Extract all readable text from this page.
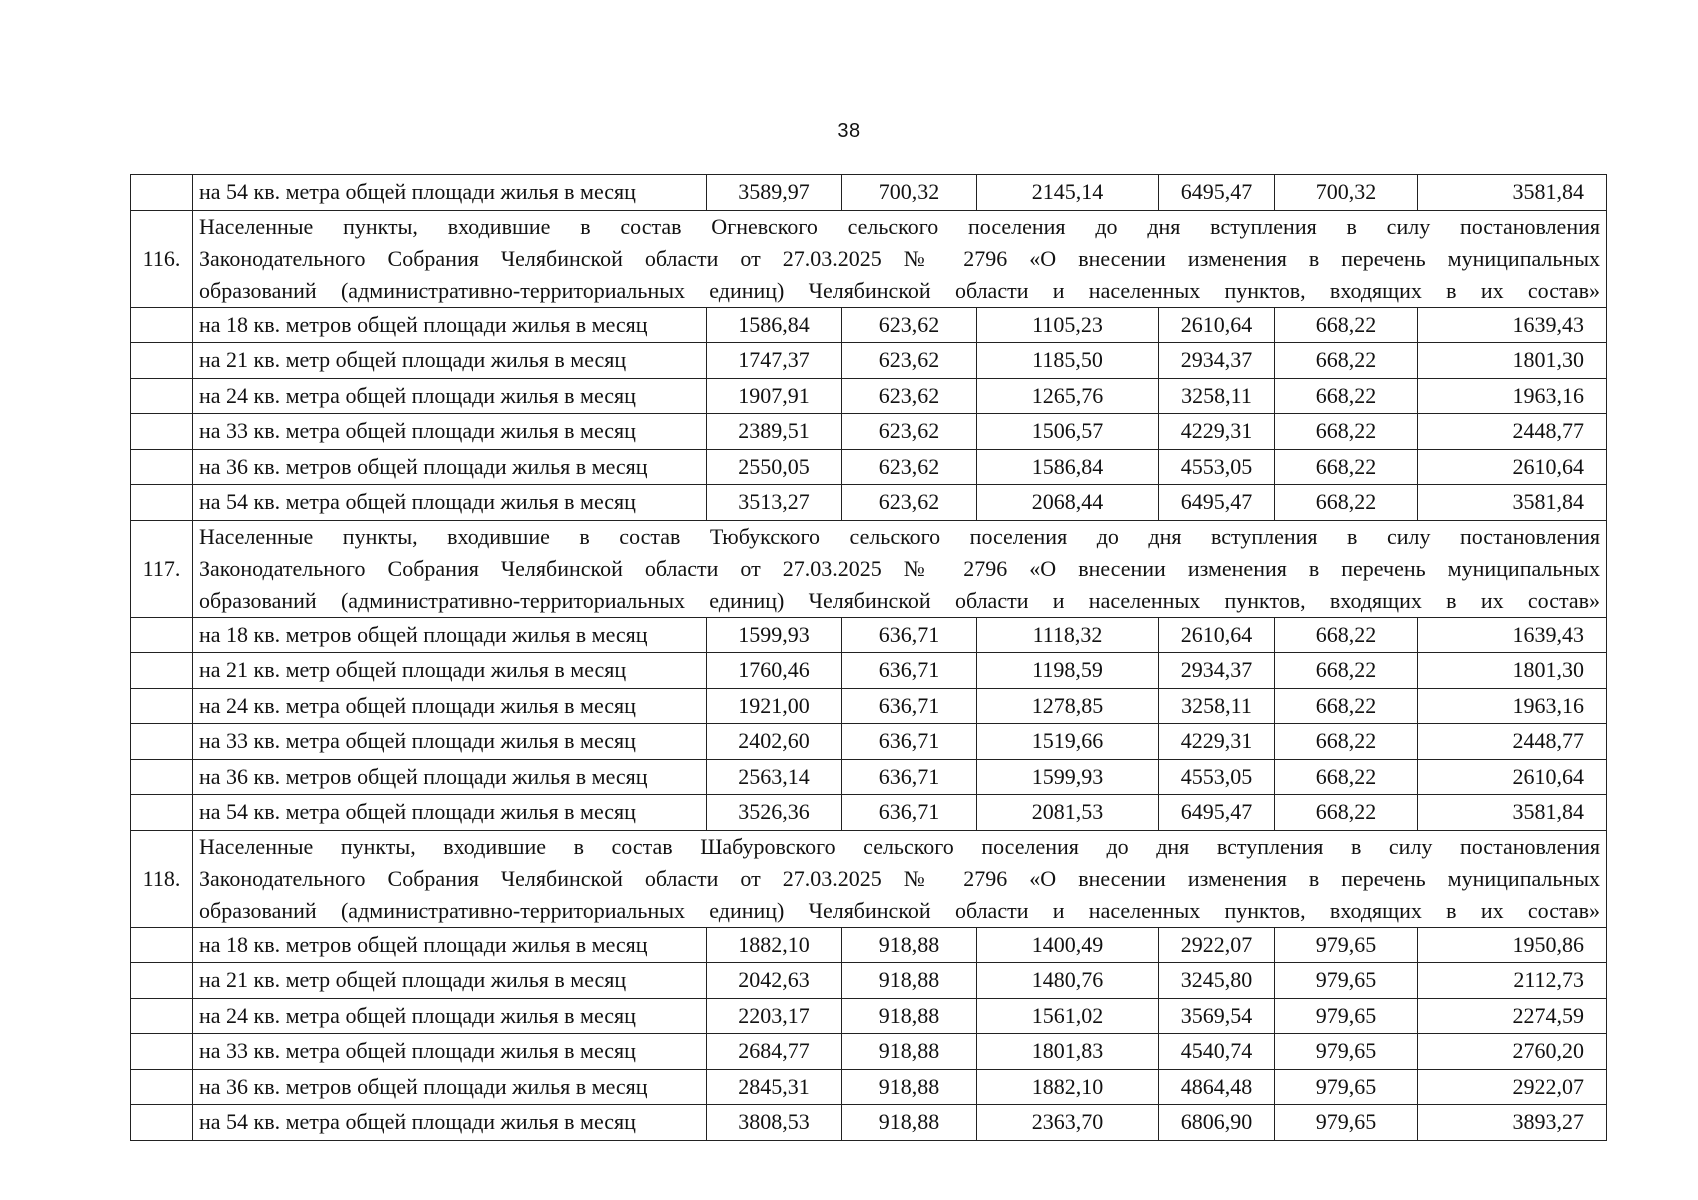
38
	на 54 кв. метра общей площади жилья в месяц	3589,97	700,32	2145,14	6495,47	700,32	3581,84
116.	Населенные пункты, входившие в состав Огневского сельского поселения до дня вступления в силу постановления
Законодательного Собрания Челябинской области от 27.03.2025 № 2796 «О внесении изменения в перечень муниципальных
образований (административно-территориальных единиц) Челябинской области и населенных пунктов, входящих в их состав»						

	на 18 кв. метров общей площади жилья в месяц	1586,84	623,62	1105,23	2610,64	668,22	1639,43
	на 21 кв. метр общей площади жилья в месяц	1747,37	623,62	1185,50	2934,37	668,22	1801,30
	на 24 кв. метра общей площади жилья в месяц	1907,91	623,62	1265,76	3258,11	668,22	1963,16
	на 33 кв. метра общей площади жилья в месяц	2389,51	623,62	1506,57	4229,31	668,22	2448,77
	на 36 кв. метров общей площади жилья в месяц	2550,05	623,62	1586,84	4553,05	668,22	2610,64
	на 54 кв. метра общей площади жилья в месяц	3513,27	623,62	2068,44	6495,47	668,22	3581,84
117.	Населенные пункты, входившие в состав Тюбукского сельского поселения до дня вступления в силу постановления
Законодательного Собрания Челябинской области от 27.03.2025 № 2796 «О внесении изменения в перечень муниципальных
образований (административно-территориальных единиц) Челябинской области и населенных пунктов, входящих в их состав»						

	на 18 кв. метров общей площади жилья в месяц	1599,93	636,71	1118,32	2610,64	668,22	1639,43
	на 21 кв. метр общей площади жилья в месяц	1760,46	636,71	1198,59	2934,37	668,22	1801,30
	на 24 кв. метра общей площади жилья в месяц	1921,00	636,71	1278,85	3258,11	668,22	1963,16
	на 33 кв. метра общей площади жилья в месяц	2402,60	636,71	1519,66	4229,31	668,22	2448,77
	на 36 кв. метров общей площади жилья в месяц	2563,14	636,71	1599,93	4553,05	668,22	2610,64
	на 54 кв. метра общей площади жилья в месяц	3526,36	636,71	2081,53	6495,47	668,22	3581,84
118.	Населенные пункты, входившие в состав Шабуровского сельского поселения до дня вступления в силу постановления
Законодательного Собрания Челябинской области от 27.03.2025 № 2796 «О внесении изменения в перечень муниципальных
образований (административно-территориальных единиц) Челябинской области и населенных пунктов, входящих в их состав»						

	на 18 кв. метров общей площади жилья в месяц	1882,10	918,88	1400,49	2922,07	979,65	1950,86
	на 21 кв. метр общей площади жилья в месяц	2042,63	918,88	1480,76	3245,80	979,65	2112,73
	на 24 кв. метра общей площади жилья в месяц	2203,17	918,88	1561,02	3569,54	979,65	2274,59
	на 33 кв. метра общей площади жилья в месяц	2684,77	918,88	1801,83	4540,74	979,65	2760,20
	на 36 кв. метров общей площади жилья в месяц	2845,31	918,88	1882,10	4864,48	979,65	2922,07
	на 54 кв. метра общей площади жилья в месяц	3808,53	918,88	2363,70	6806,90	979,65	3893,27
